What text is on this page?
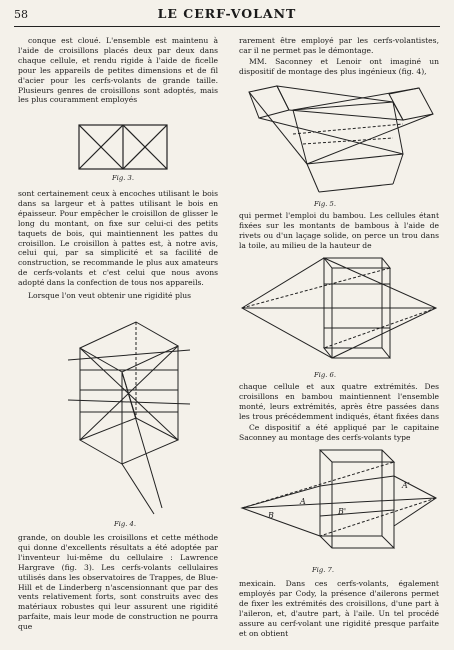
58	LE CERF-VOLANT

conque est cloué. L'ensemble est maintenu à l'aide de croisillons placés deux par deux dans chaque cellule, et rendu rigide à l'aide de ficelle pour les appareils de petites dimensions et de fil d'acier pour les cerfs-volants de grande taille. Plusieurs genres de croisillons sont adoptés, mais les plus couramment employés

Fig. 3.

sont certainement ceux à encoches utilisant le bois dans sa largeur et à pattes utilisant le bois en épaisseur. Pour empêcher le croisillon de glisser le long du montant, on fixe sur celui-ci des petits taquets de bois, qui maintiennent les pattes du croisillon. Le croisillon à pattes est, à notre avis, celui qui, par sa simplicité et sa facilité de construction, se recommande le plus aux amateurs de cerfs-volants et c'est celui que nous avons adopté dans la confection de tous nos appareils.

Lorsque l'on veut obtenir une rigidité plus

Fig. 4.

grande, on double les croisillons et cette méthode qui donne d'excellents résultats a été adoptée par l'inventeur lui-même du cellulaire : Lawrence Hargrave (fig. 3). Les cerfs-volants cellulaires utilisés dans les observatoires de Trappes, de Blue-Hill et de Linderberg n'ascensionnant que par des vents relativement forts, sont construits avec des matériaux robustes qui leur assurent une rigidité parfaite, mais leur mode de construction ne pourra que

rarement être employé par les cerfs-volantistes, car il ne permet pas le démontage.

MM. Saconney et Lenoir ont imaginé un dispositif de montage des plus ingénieux (fig. 4),

Fig. 5.

qui permet l'emploi du bambou. Les cellules étant fixées sur les montants de bambous à l'aide de rivets ou d'un laçage solide, on perce un trou dans la toile, au milieu de la hauteur de

Fig. 6.

chaque cellule et aux quatre extrémités. Des croisillons en bambou maintiennent l'ensemble monté, leurs extrémités, après être passées dans les trous précédemment indiqués, étant fixées dans

Ce dispositif a été appliqué par le capitaine Saconney au montage des cerfs-volants type

A
A'
B	B'
Fig. 7.

mexicain. Dans ces cerfs-volants, également employés par Cody, la présence d'ailerons permet de fixer les extrémités des croisillons, d'une part à l'aileron, et, d'autre part, à l'aile. Un tel procédé assure au cerf-volant une rigidité presque parfaite et on obtient
